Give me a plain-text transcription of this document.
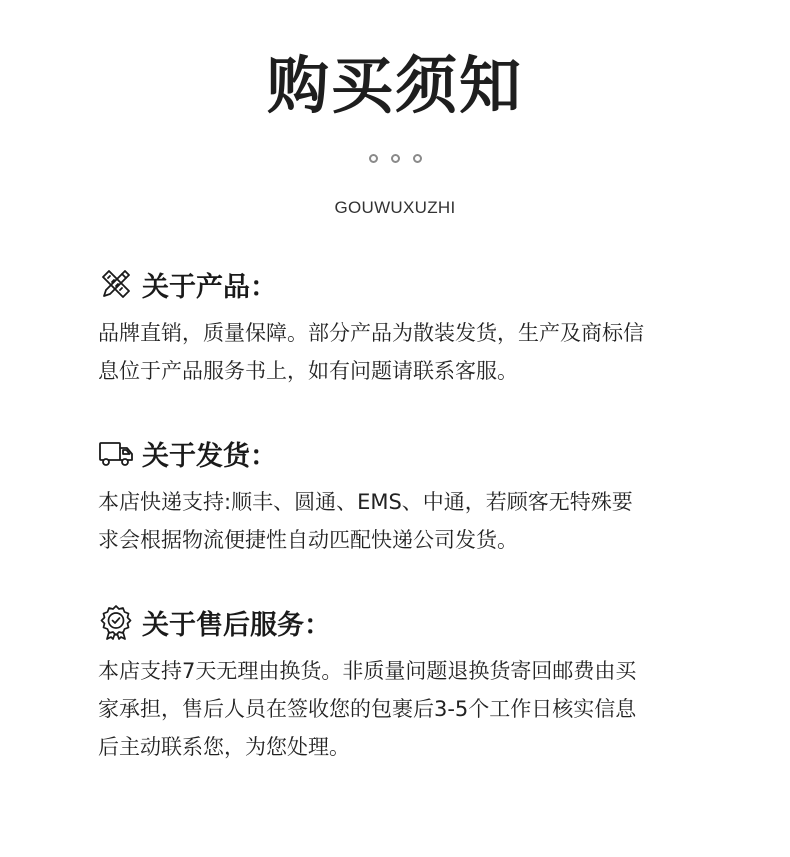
购买须知
GOUWUXUZHI
关于产品：
品牌直销，质量保障。部分产品为散装发货，生产及商标信
息位于产品服务书上，如有问题请联系客服。
关于发货：
本店快递支持:顺丰、圆通、EMS、中通，若顾客无特殊要
求会根据物流便捷性自动匹配快递公司发货。
关于售后服务：
本店支持7天无理由换货。非质量问题退换货寄回邮费由买
家承担，售后人员在签收您的包裹后3-5个工作日核实信息
后主动联系您，为您处理。
